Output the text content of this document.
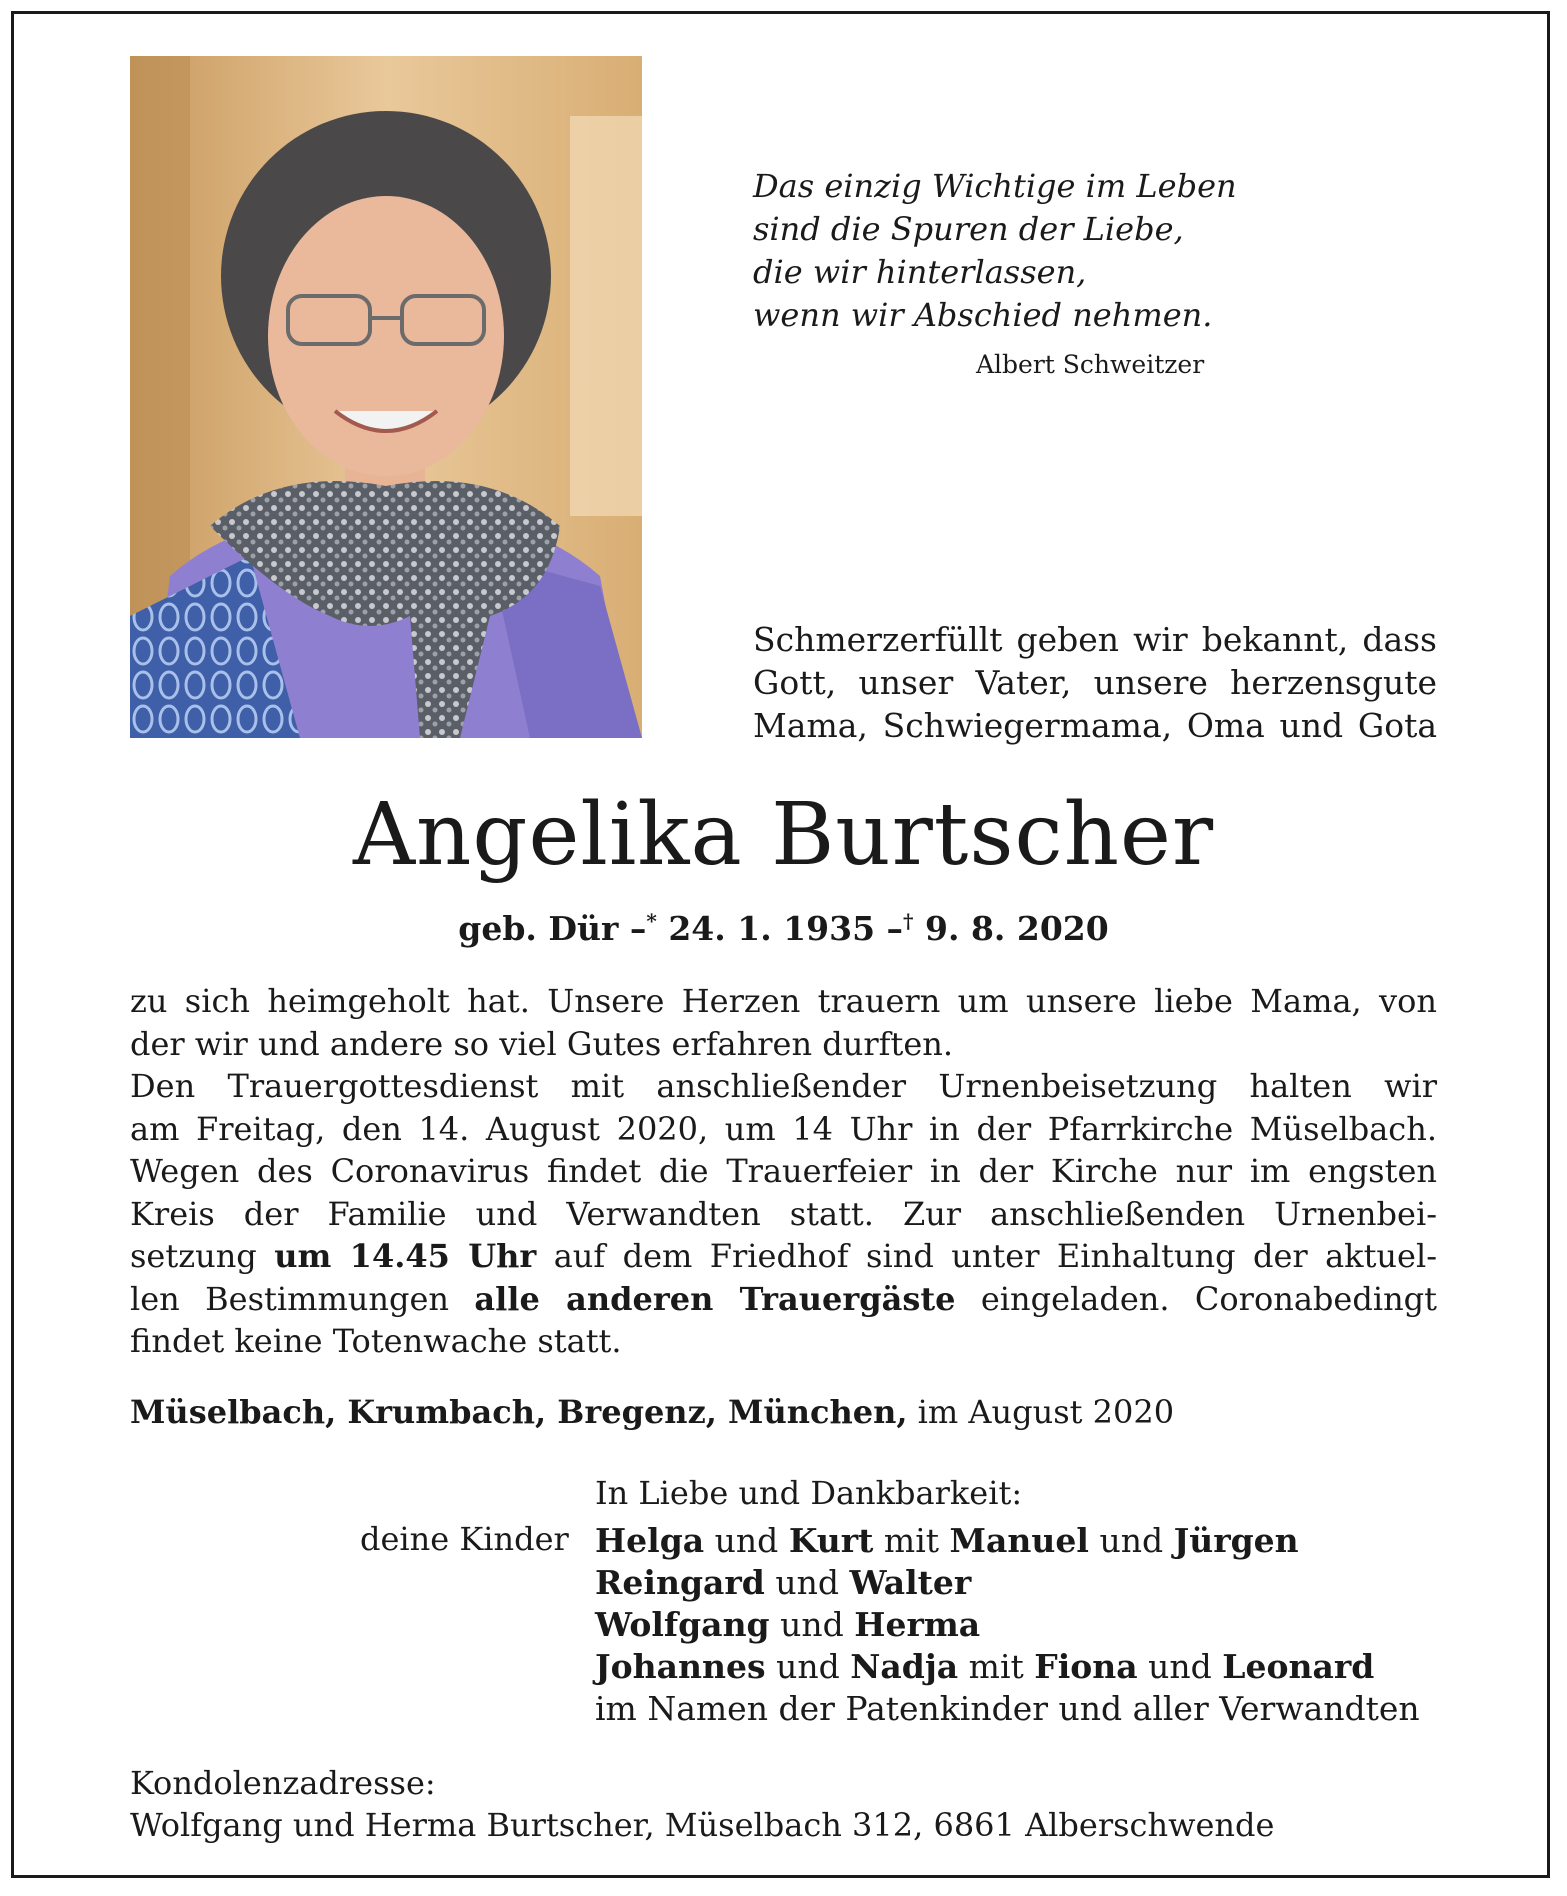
Das einzig Wichtige im Leben
sind die Spuren der Liebe,
die wir hinterlassen,
wenn wir Abschied nehmen.
Albert Schweitzer
Schmerzerfüllt geben wir bekannt, dass
Gott, unser Vater, unsere herzensgute
Mama, Schwiegermama, Oma und Gota
Angelika Burtscher
geb. Dür –* 24. 1. 1935 –† 9. 8. 2020
zu sich heimgeholt hat. Unsere Herzen trauern um unsere liebe Mama, von
der wir und andere so viel Gutes erfahren durften.
Den Trauergottesdienst mit anschließender Urnenbeisetzung halten wir
am Freitag, den 14. August 2020, um 14 Uhr in der Pfarrkirche Müselbach.
Wegen des Coronavirus findet die Trauerfeier in der Kirche nur im engsten
Kreis der Familie und Verwandten statt. Zur anschließenden Urnenbei-
setzung um 14.45 Uhr auf dem Friedhof sind unter Einhaltung der aktuel-
len Bestimmungen alle anderen Trauergäste eingeladen. Coronabedingt
findet keine Totenwache statt.
Müselbach, Krumbach, Bregenz, München, im August 2020
In Liebe und Dankbarkeit:
deine Kinder Helga und Kurt mit Manuel und Jürgen
Reingard und Walter
Wolfgang und Herma
Johannes und Nadja mit Fiona und Leonard
im Namen der Patenkinder und aller Verwandten
Kondolenzadresse:
Wolfgang und Herma Burtscher, Müselbach 312, 6861 Alberschwende
